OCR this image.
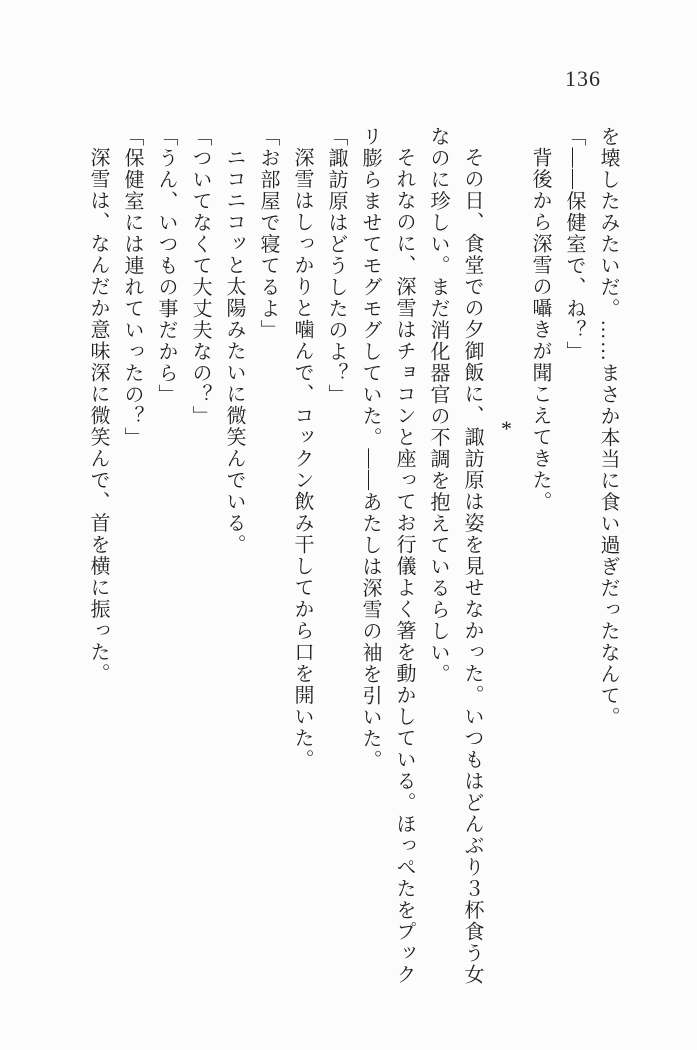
136

を壊したみたいだ。……まさか本当に食い過ぎだったなんて。

「——保健室で、ね？」

背後から深雪の囁きが聞こえてきた。

*

その日、食堂での夕御飯に、諏訪原は姿を見せなかった。いつもはどんぶり３杯食う女

なのに珍しい。まだ消化器官の不調を抱えているらしい。

それなのに、深雪はチョコンと座ってお行儀よく箸を動かしている。ほっぺたをプック

リ膨らませてモグモグしていた。——あたしは深雪の袖を引いた。

「諏訪原はどうしたのよ？」

深雪はしっかりと噛んで、コックン飲み干してから口を開いた。

「お部屋で寝てるよ」

ニコニコッと太陽みたいに微笑んでいる。

「ついてなくて大丈夫なの？」

「うん、いつもの事だから」

「保健室には連れていったの？」

深雪は、なんだか意味深に微笑んで、首を横に振った。
